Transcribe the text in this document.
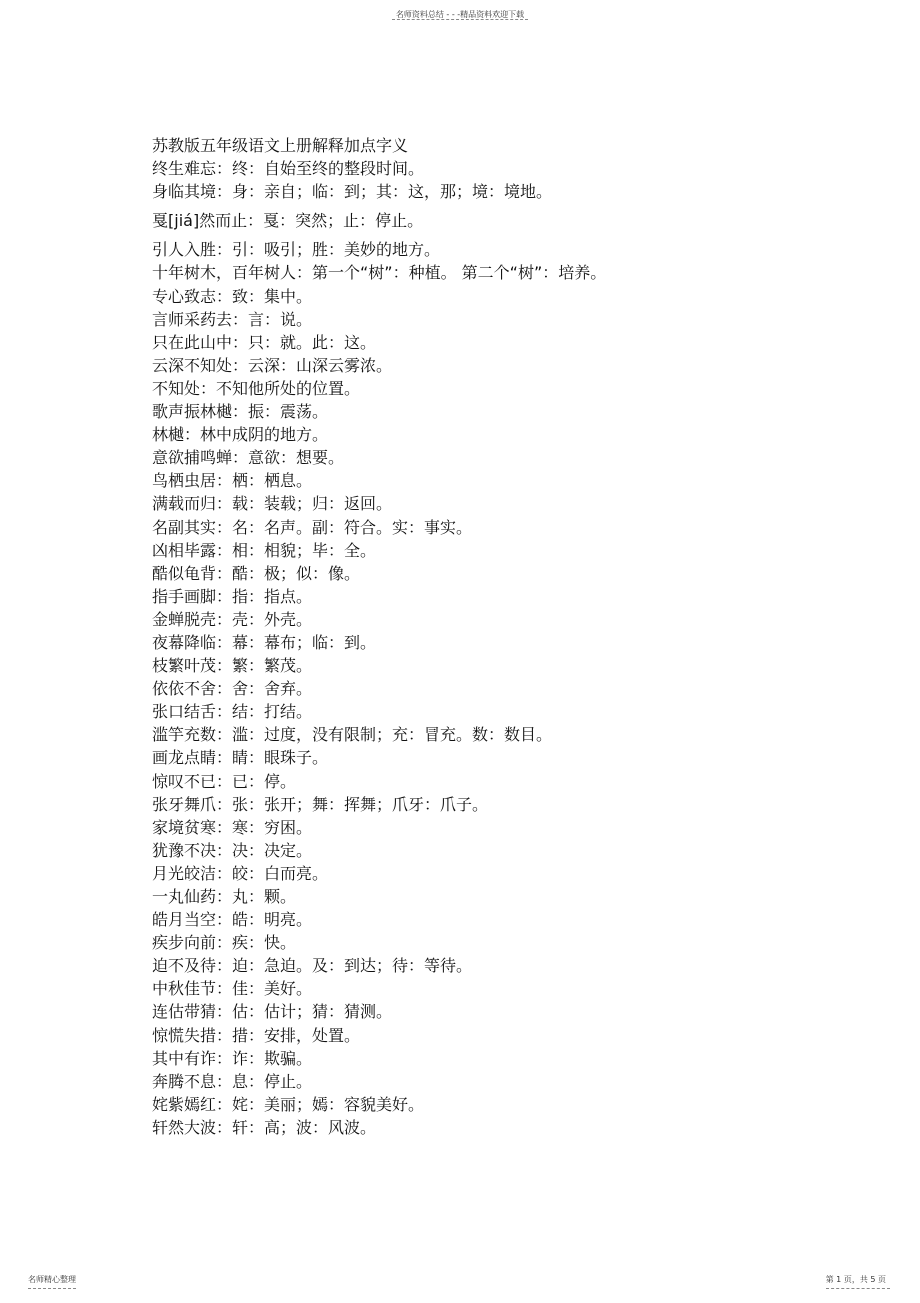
名师资料总结 - - -精品资料欢迎下载
苏教版五年级语文上册解释加点字义
终生难忘：终：自始至终的整段时间。
身临其境：身：亲自；临：到；其：这，那；境：境地。
戛[jiá]然而止：戛：突然；止：停止。
引人入胜：引：吸引；胜：美妙的地方。
十年树木，百年树人：第一个“树”：种植。 第二个“树”：培养。
专心致志：致：集中。
言师采药去：言：说。
只在此山中：只：就。此：这。
云深不知处：云深：山深云雾浓。
不知处：不知他所处的位置。
歌声振林樾：振：震荡。
林樾：林中成阴的地方。
意欲捕鸣蝉：意欲：想要。
鸟栖虫居：栖：栖息。
满载而归：载：装载；归：返回。
名副其实：名：名声。副：符合。实：事实。
凶相毕露：相：相貌；毕：全。
酷似龟背：酷：极；似：像。
指手画脚：指：指点。
金蝉脱壳：壳：外壳。
夜幕降临：幕：幕布；临：到。
枝繁叶茂：繁：繁茂。
依依不舍：舍：舍弃。
张口结舌：结：打结。
滥竽充数：滥：过度，没有限制；充：冒充。数：数目。
画龙点睛：睛：眼珠子。
惊叹不已：已：停。
张牙舞爪：张：张开；舞：挥舞；爪牙：爪子。
家境贫寒：寒：穷困。
犹豫不决：决：决定。
月光皎洁：皎：白而亮。
一丸仙药：丸：颗。
皓月当空：皓：明亮。
疾步向前：疾：快。
迫不及待：迫：急迫。及：到达；待：等待。
中秋佳节：佳：美好。
连估带猜：估：估计；猜：猜测。
惊慌失措：措：安排，处置。
其中有诈：诈：欺骗。
奔腾不息：息：停止。
姹紫嫣红：姹：美丽；嫣：容貌美好。
轩然大波：轩：高；波：风波。
名师精心整理	第 1 页，共 5 页
